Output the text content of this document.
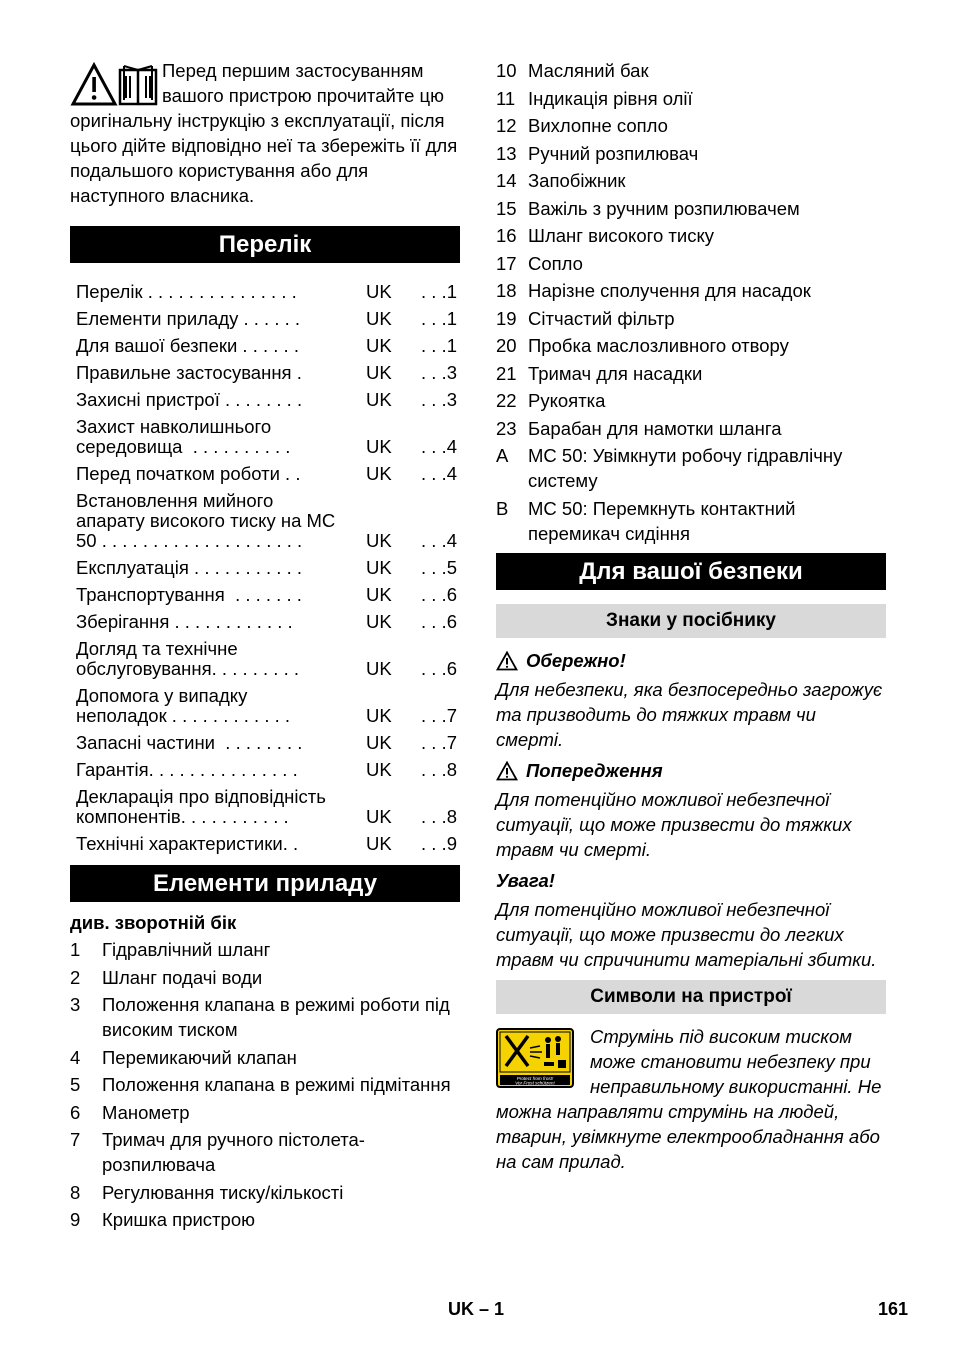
Перед першим застосуванням вашого пристрою прочитайте цю оригінальну інструкцію з експлуатації, після цього дійте відповідно неї та збережіть її для подальшого користування або для наступного власника.

Перелік
Перелік . . . . . . . . . . . . . . .	UK	. . .1
Елементи приладу . . . . . .	UK	. . .1
Для вашої безпеки . . . . . .	UK	. . .1
Правильне застосування .	UK	. . .3
Захисні пристрої . . . . . . . .	UK	. . .3
Захист навколишнього
середовища  . . . . . . . . . .	UK	. . .4
Перед початком роботи . .	UK	. . .4
Встановлення мийного
апарату високого тиску на MC
50 . . . . . . . . . . . . . . . . . . . .	UK	. . .4
Експлуатація . . . . . . . . . . .	UK	. . .5
Транспортування  . . . . . . .	UK	. . .6
Зберігання . . . . . . . . . . . .	UK	. . .6
Догляд та технічне
обслуговування. . . . . . . . .	UK	. . .6
Допомога у випадку
неполадок . . . . . . . . . . . .	UK	. . .7
Запасні частини  . . . . . . . .	UK	. . .7
Гарантія. . . . . . . . . . . . . . .	UK	. . .8
Декларація про відповідність
компонентів. . . . . . . . . . .	UK	. . .8
Технічні характеристики. .	UK	. . .9
Елементи приладу
див. зворотній бік
1	Гідравлічний шланг
2	Шланг подачі води
3	Положення клапана в режимі роботи під високим тиском
4	Перемикаючий клапан
5	Положення клапана в режимі підмітання
6	Манометр
7	Тримач для ручного пістолета-розпилювача
8	Регулювання тиску/кількості
9	Кришка пристрою
10 Масляний бак
11 Індикація рівня олії
12 Вихлопне сопло
13 Ручний розпилювач
14 Запобіжник
15 Важіль з ручним розпилювачем
16 Шланг високого тиску
17 Сопло
18 Нарізне сполучення для насадок
19 Сітчастий фільтр
20 Пробка маслозливного отвору
21 Тримач для насадки
22 Рукоятка
23 Барабан для намотки шланга
A	MC 50: Увімкнути робочу гідравлічну систему
B	MC 50: Перемкнуть контактний перемикач сидіння
Для вашої безпеки
Знаки у посібнику
Обережно!
Для небезпеки, яка безпосередньо загрожує та призводить до тяжких травм чи смерті.
Попередження
Для потенційно можливої небезпечної ситуації, що може призвести до тяжких травм чи смерті.
Увага!
Для потенційно можливої небезпечної ситуації, що може призвести до легких травм чи спричинити матеріальні збитки.
Символи на пристрої
Protect from frost!
Vor Frost schützen!
Струмінь під високим тиском може становити небезпеку при неправильному використанні. Не можна направляти струмінь на людей, тварин, увімкнуте електрообладнання або на сам прилад.
UK – 1	161
